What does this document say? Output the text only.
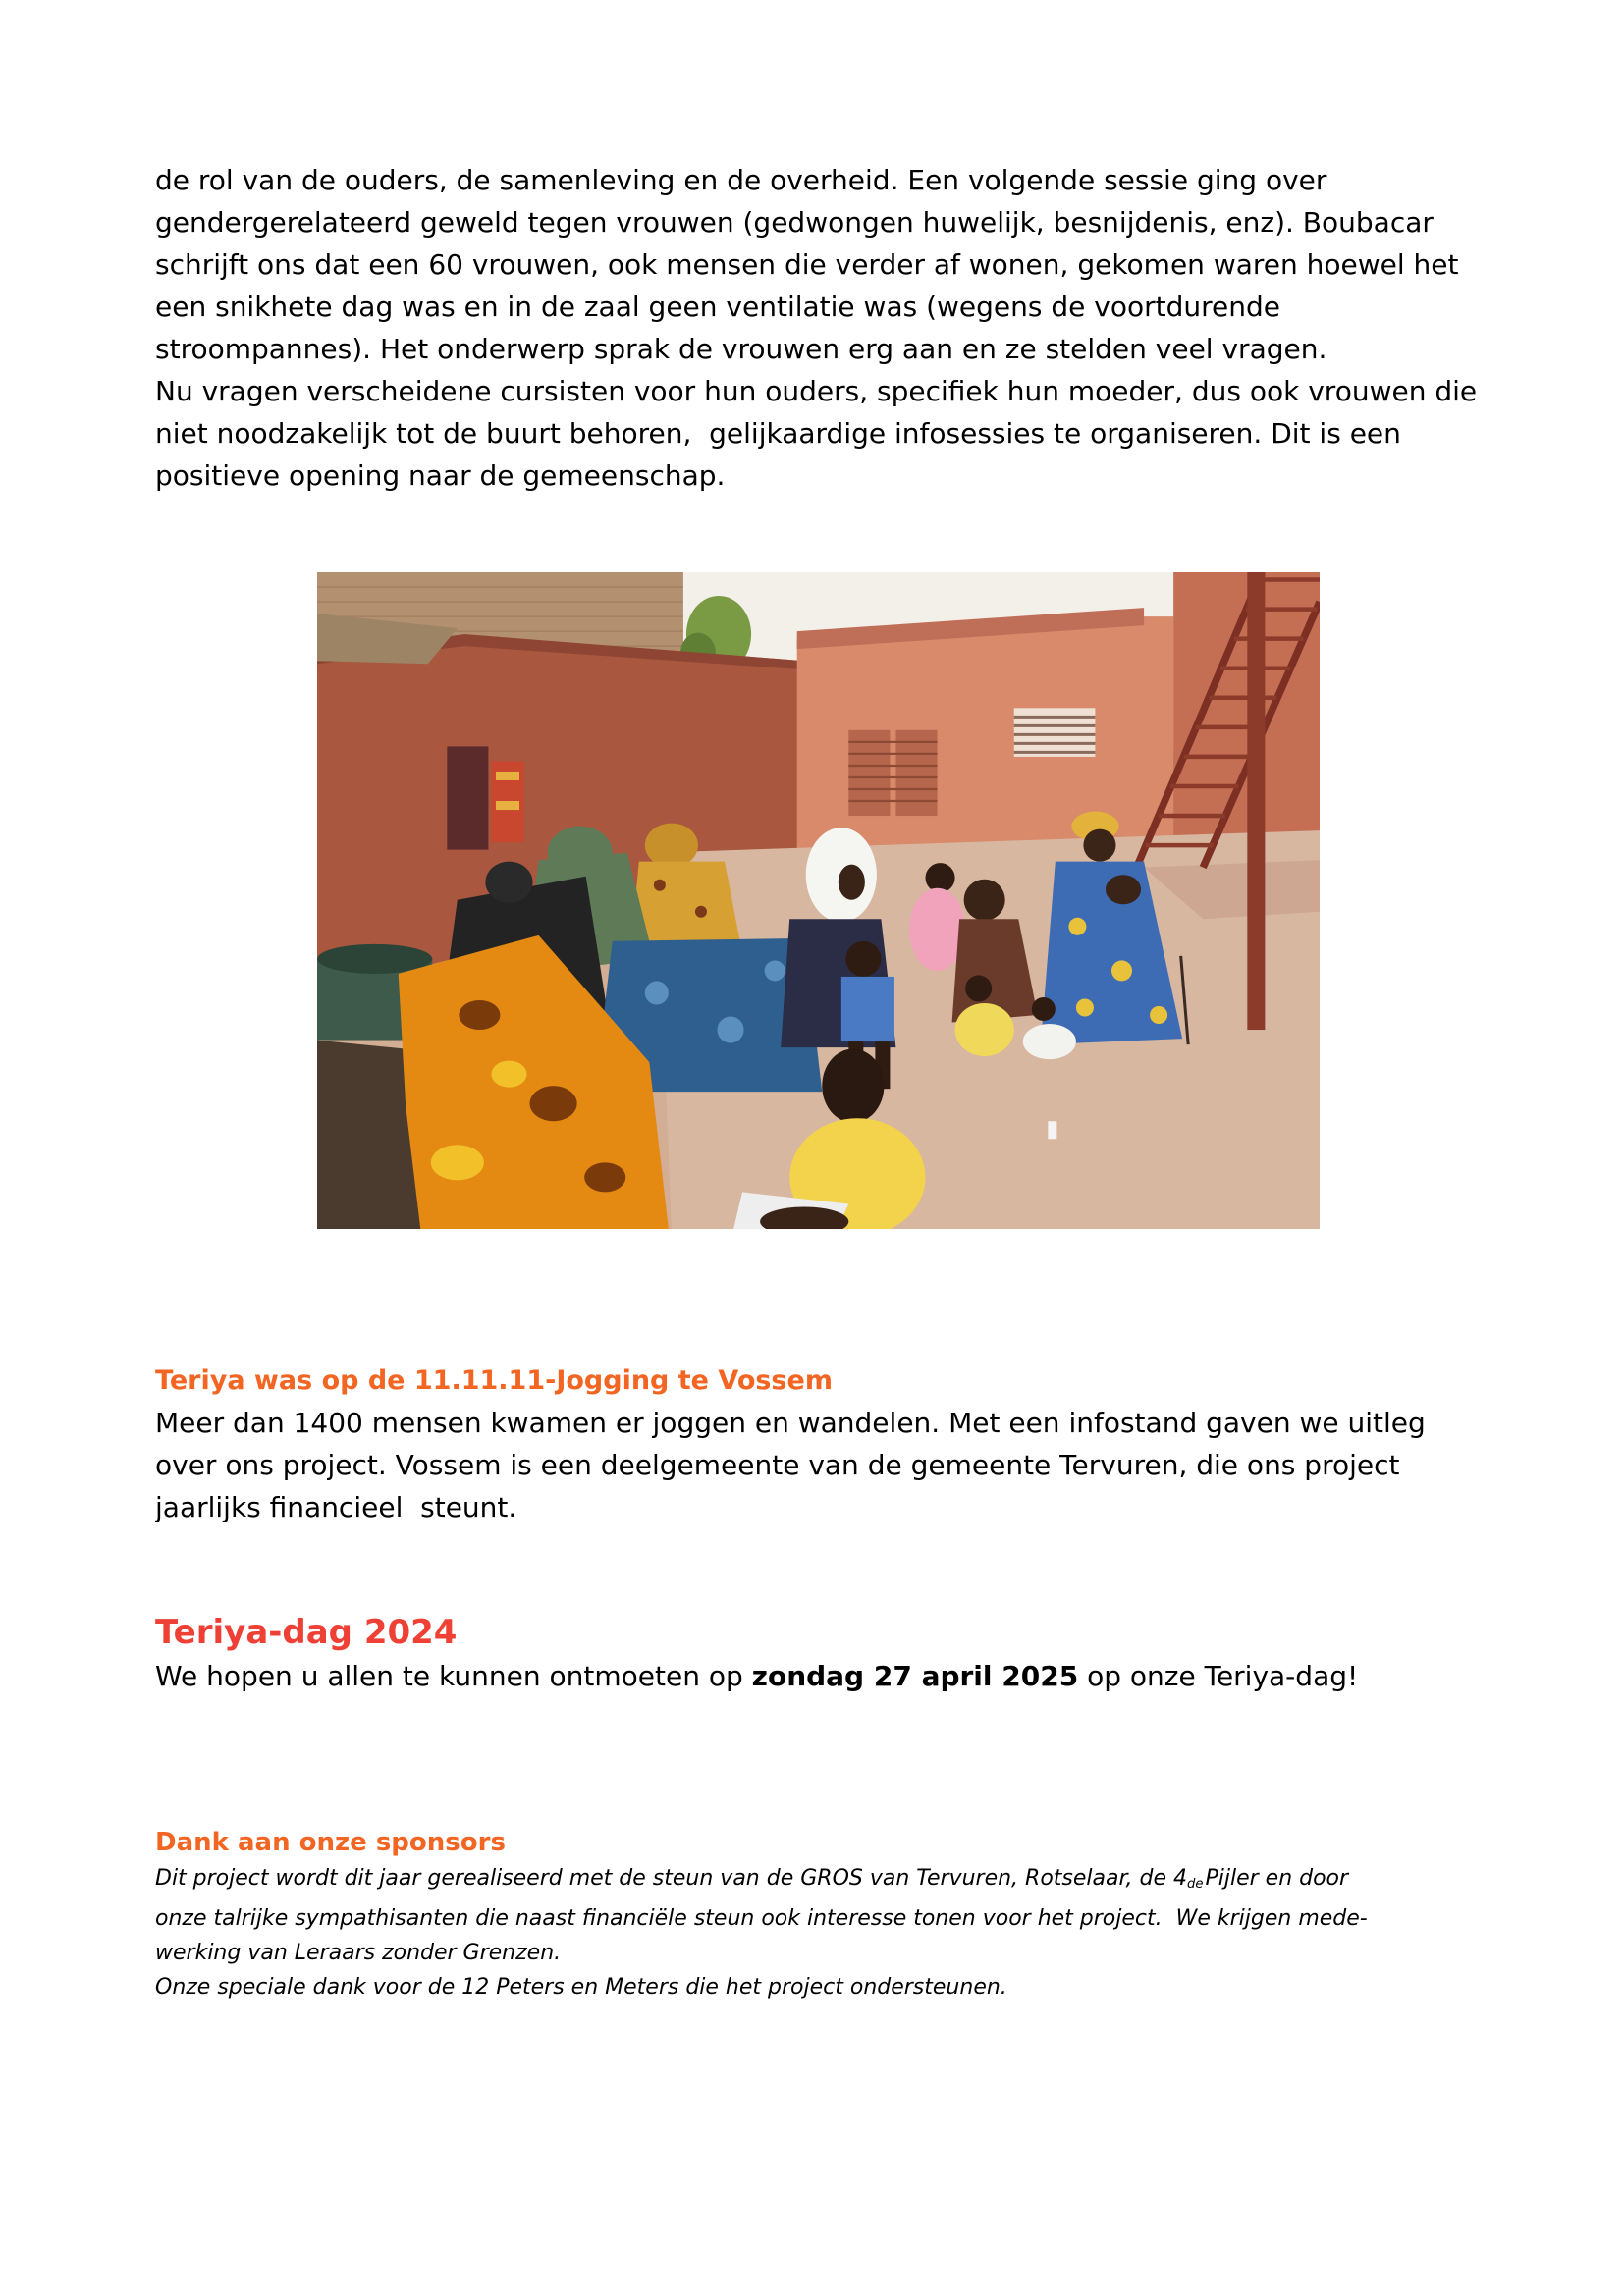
de rol van de ouders, de samenleving en de overheid. Een volgende sessie ging over
gendergerelateerd geweld tegen vrouwen (gedwongen huwelijk, besnijdenis, enz). Boubacar
schrijft ons dat een 60 vrouwen, ook mensen die verder af wonen, gekomen waren hoewel het
een snikhete dag was en in de zaal geen ventilatie was (wegens de voortdurende
stroompannes). Het onderwerp sprak de vrouwen erg aan en ze stelden veel vragen.
Nu vragen verscheidene cursisten voor hun ouders, specifiek hun moeder, dus ook vrouwen die
niet noodzakelijk tot de buurt behoren,  gelijkaardige infosessies te organiseren. Dit is een
positieve opening naar de gemeenschap.
Teriya was op de 11.11.11-Jogging te Vossem
Meer dan 1400 mensen kwamen er joggen en wandelen. Met een infostand gaven we uitleg
over ons project. Vossem is een deelgemeente van de gemeente Tervuren, die ons project
jaarlijks financieel  steunt.
Teriya-dag 2024
We hopen u allen te kunnen ontmoeten op zondag 27 april 2025 op onze Teriya-dag!
Dank aan onze sponsors
Dit project wordt dit jaar gerealiseerd met de steun van de GROS van Tervuren, Rotselaar, de $4_{de}Pijler$ en door
onze talrijke sympathisanten die naast financiële steun ook interesse tonen voor het project.  We krijgen mede-
werking van Leraars zonder Grenzen.
Onze speciale dank voor de 12 Peters en Meters die het project ondersteunen.
